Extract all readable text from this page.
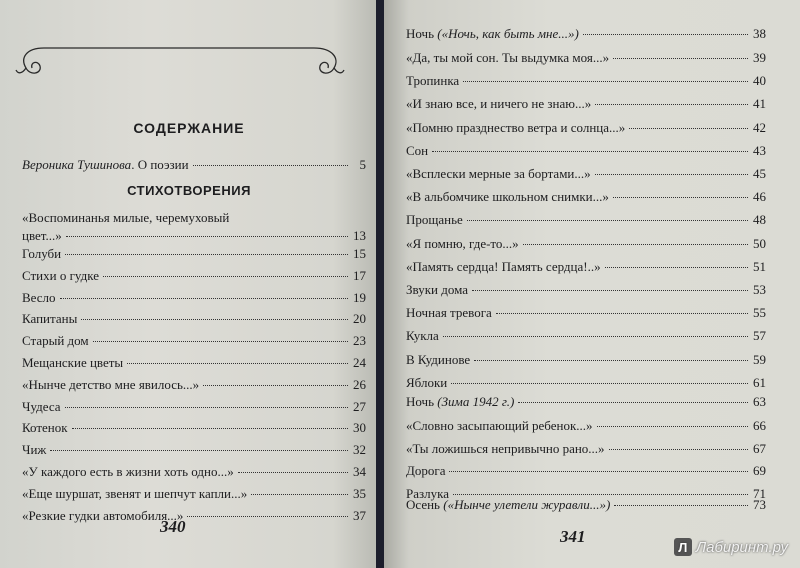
СОДЕРЖАНИЕ
Вероника Тушинова. О поэзии	5
СТИХОТВОРЕНИЯ
«Воспоминанья милые, черемуховый
цвет...»	13
Голуби	15
Стихи о гудке	17
Весло	19
Капитаны	20
Старый дом	23
Мещанские цветы	24
«Нынче детство мне явилось...»	26
Чудеса	27
Котенок	30
Чиж	32
«У каждого есть в жизни хоть одно...»	34
«Еще шуршат, звенят и шепчут капли...»	35
«Резкие гудки автомобиля...»	37
340
Ночь («Ночь, как быть мне...»)	38
«Да, ты мой сон. Ты выдумка моя...»	39
Тропинка	40
«И знаю все, и ничего не знаю...»	41
«Помню празднество ветра и солнца...»	42
Сон	43
«Всплески мерные за бортами...»	45
«В альбомчике школьном снимки...»	46
Прощанье	48
«Я помню, где-то...»	50
«Память сердца! Память сердца!..»	51
Звуки дома	53
Ночная тревога	55
Кукла	57
В Кудинове	59
Яблоки	61
Ночь (Зима 1942 г.)	63
«Словно засыпающий ребенок...»	66
«Ты ложишься непривычно рано...»	67
Дорога	69
Разлука	71
Осень («Нынче улетели журавли...»)	73
341
Л Лабиринт.ру
